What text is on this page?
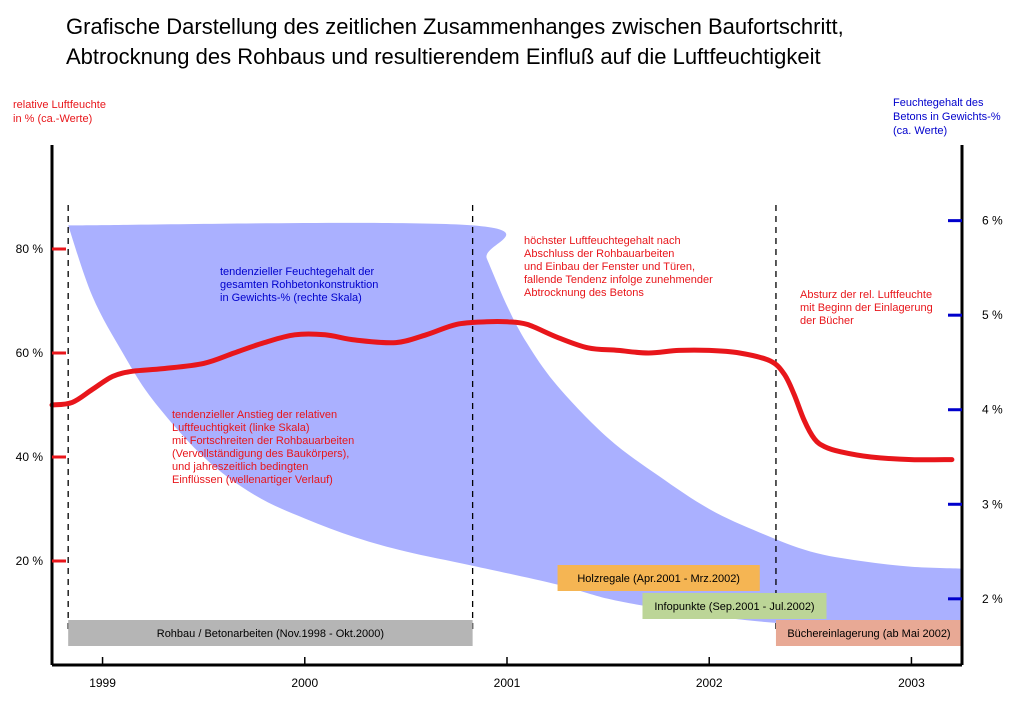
Grafische Darstellung des zeitlichen Zusammenhanges zwischen Baufortschritt,
Abtrocknung des Rohbaus und resultierendem Einfluß auf die Luftfeuchtigkeit
relative Luftfeuchte
in % (ca.-Werte)
Feuchtegehalt des
Betons in Gewichts-%
(ca. Werte)
Rohbau / Betonarbeiten (Nov.1998 - Okt.2000)
Holzregale (Apr.2001 - Mrz.2002)
Infopunkte (Sep.2001 - Jul.2002)
Büchereinlagerung (ab Mai 2002)
1999	2000	2001	2002	2003
20 %
40 %
60 %
80 %
2 %
3 %
4 %
5 %
6 %
tendenzieller Feuchtegehalt der gesamten Rohbetonkonstruktion in Gewichts-% (rechte Skala)
höchster Luftfeuchtegehalt nach Abschluss der Rohbauarbeiten und Einbau der Fenster und Türen, fallende Tendenz infolge zunehmender Abtrocknung des Betons	Absturz der rel. Luftfeuchte mit Beginn der Einlagerung der Bücher
tendenzieller Anstieg der relativen Luftfeuchtigkeit (linke Skala) mit Fortschreiten der Rohbauarbeiten (Vervollständigung des Baukörpers), und jahreszeitlich bedingten Einflüssen (wellenartiger Verlauf)
